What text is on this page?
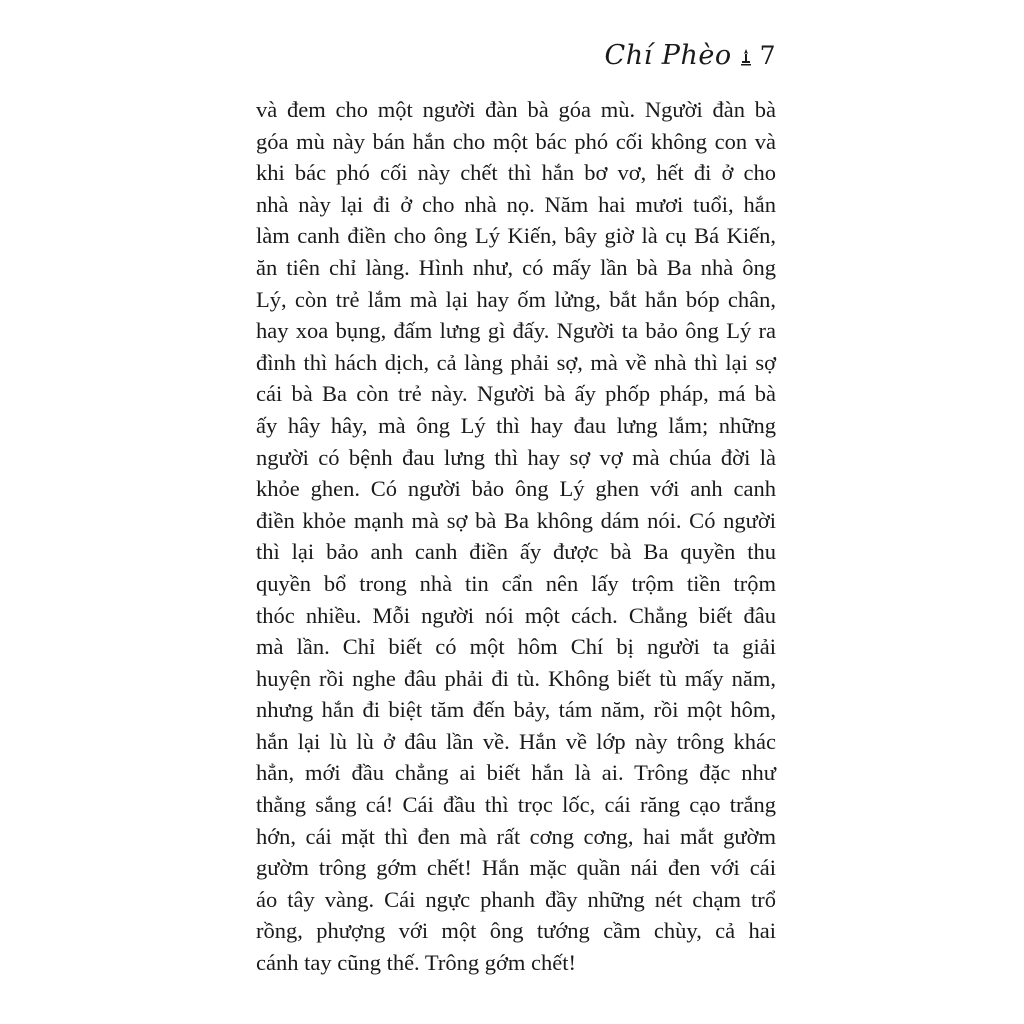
Chí Phèo 7
và đem cho một người đàn bà góa mù. Người đàn bà
góa mù này bán hắn cho một bác phó cối không con và
khi bác phó cối này chết thì hắn bơ vơ, hết đi ở cho
nhà này lại đi ở cho nhà nọ. Năm hai mươi tuổi, hắn
làm canh điền cho ông Lý Kiến, bây giờ là cụ Bá Kiến,
ăn tiên chỉ làng. Hình như, có mấy lần bà Ba nhà ông
Lý, còn trẻ lắm mà lại hay ốm lửng, bắt hắn bóp chân,
hay xoa bụng, đấm lưng gì đấy. Người ta bảo ông Lý ra
đình thì hách dịch, cả làng phải sợ, mà về nhà thì lại sợ
cái bà Ba còn trẻ này. Người bà ấy phốp pháp, má bà
ấy hây hây, mà ông Lý thì hay đau lưng lắm; những
người có bệnh đau lưng thì hay sợ vợ mà chúa đời là
khỏe ghen. Có người bảo ông Lý ghen với anh canh
điền khỏe mạnh mà sợ bà Ba không dám nói. Có người
thì lại bảo anh canh điền ấy được bà Ba quyền thu
quyền bổ trong nhà tin cẩn nên lấy trộm tiền trộm
thóc nhiều. Mỗi người nói một cách. Chẳng biết đâu
mà lần. Chỉ biết có một hôm Chí bị người ta giải
huyện rồi nghe đâu phải đi tù. Không biết tù mấy năm,
nhưng hắn đi biệt tăm đến bảy, tám năm, rồi một hôm,
hắn lại lù lù ở đâu lần về. Hắn về lớp này trông khác
hẳn, mới đầu chẳng ai biết hắn là ai. Trông đặc như
thằng sắng cá! Cái đầu thì trọc lốc, cái răng cạo trắng
hớn, cái mặt thì đen mà rất cơng cơng, hai mắt gườm
gườm trông gớm chết! Hắn mặc quần nái đen với cái
áo tây vàng. Cái ngực phanh đầy những nét chạm trổ
rồng, phượng với một ông tướng cầm chùy, cả hai
cánh tay cũng thế. Trông gớm chết!
